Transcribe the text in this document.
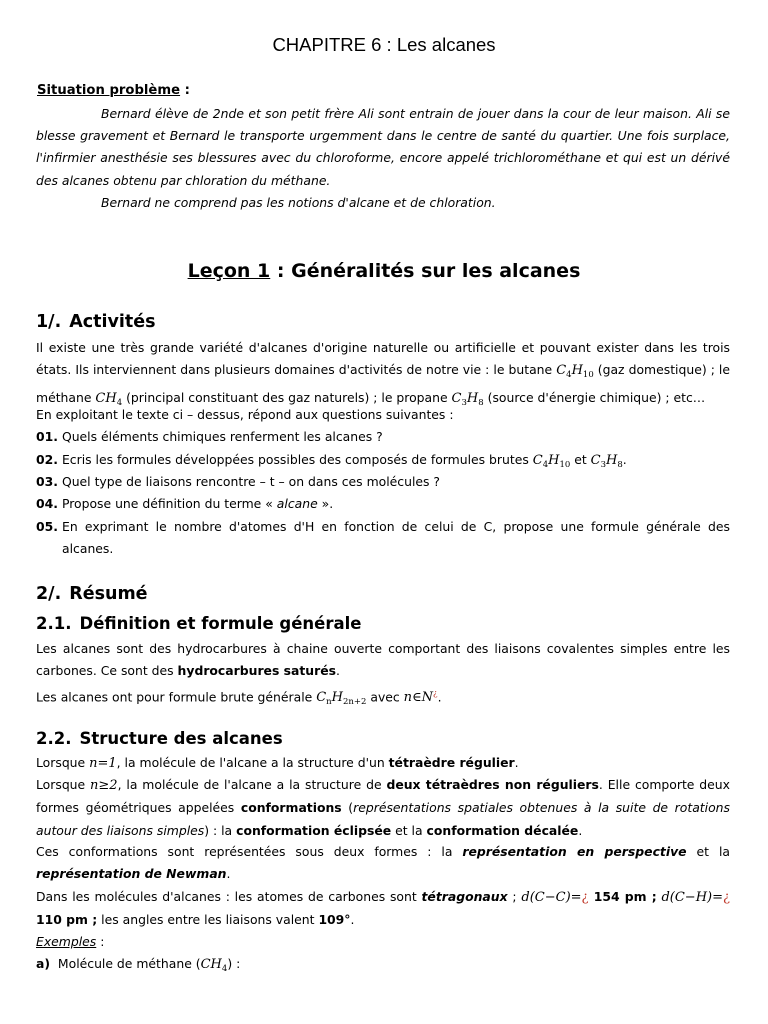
CHAPITRE 6 : Les alcanes
Situation problème :
Bernard élève de 2nde et son petit frère Ali sont entrain de jouer dans la cour de leur maison. Ali se blesse gravement et Bernard le transporte urgemment dans le centre de santé du quartier. Une fois surplace, l'infirmier anesthésie ses blessures avec du chloroforme, encore appelé trichlorométhane et qui est un dérivé des alcanes obtenu par chloration du méthane.
Bernard ne comprend pas les notions d'alcane et de chloration.
Leçon 1 : Généralités sur les alcanes
1/. Activités
Il existe une très grande variété d'alcanes d'origine naturelle ou artificielle et pouvant exister dans les trois états. Ils interviennent dans plusieurs domaines d'activités de notre vie : le butane $C_4H_{10}$ (gaz domestique) ; le méthane $CH_4$ (principal constituant des gaz naturels) ; le propane $C_3H_8$ (source d'énergie chimique) ; etc…
En exploitant le texte ci – dessus, répond aux questions suivantes :
01. Quels éléments chimiques renferment les alcanes ?
02. Ecris les formules développées possibles des composés de formules brutes $C_4H_{10}$ et $C_3H_8$.
03. Quel type de liaisons rencontre – t – on dans ces molécules ?
04. Propose une définition du terme « alcane ».
05. En exprimant le nombre d'atomes d'H en fonction de celui de C, propose une formule générale des alcanes.
2/. Résumé
2.1. Définition et formule générale
Les alcanes sont des hydrocarbures à chaine ouverte comportant des liaisons covalentes simples entre les carbones. Ce sont des hydrocarbures saturés.
Les alcanes ont pour formule brute générale $C_nH_{2n+2}$ avec n∈N¿.
2.2. Structure des alcanes
Lorsque n=1, la molécule de l'alcane a la structure d'un tétraèdre régulier.
Lorsque n≥2, la molécule de l'alcane a la structure de deux tétraèdres non réguliers. Elle comporte deux formes géométriques appelées conformations (représentations spatiales obtenues à la suite de rotations autour des liaisons simples) : la conformation éclipsée et la conformation décalée.
Ces conformations sont représentées sous deux formes : la représentation en perspective et la représentation de Newman.
Dans les molécules d'alcanes : les atomes de carbones sont tétragonaux ; d(C−C)=¿ 154 pm ; d(C−H)=¿ 110 pm ; les angles entre les liaisons valent 109°.
Exemples :
a) Molécule de méthane $(CH_4)$ :
